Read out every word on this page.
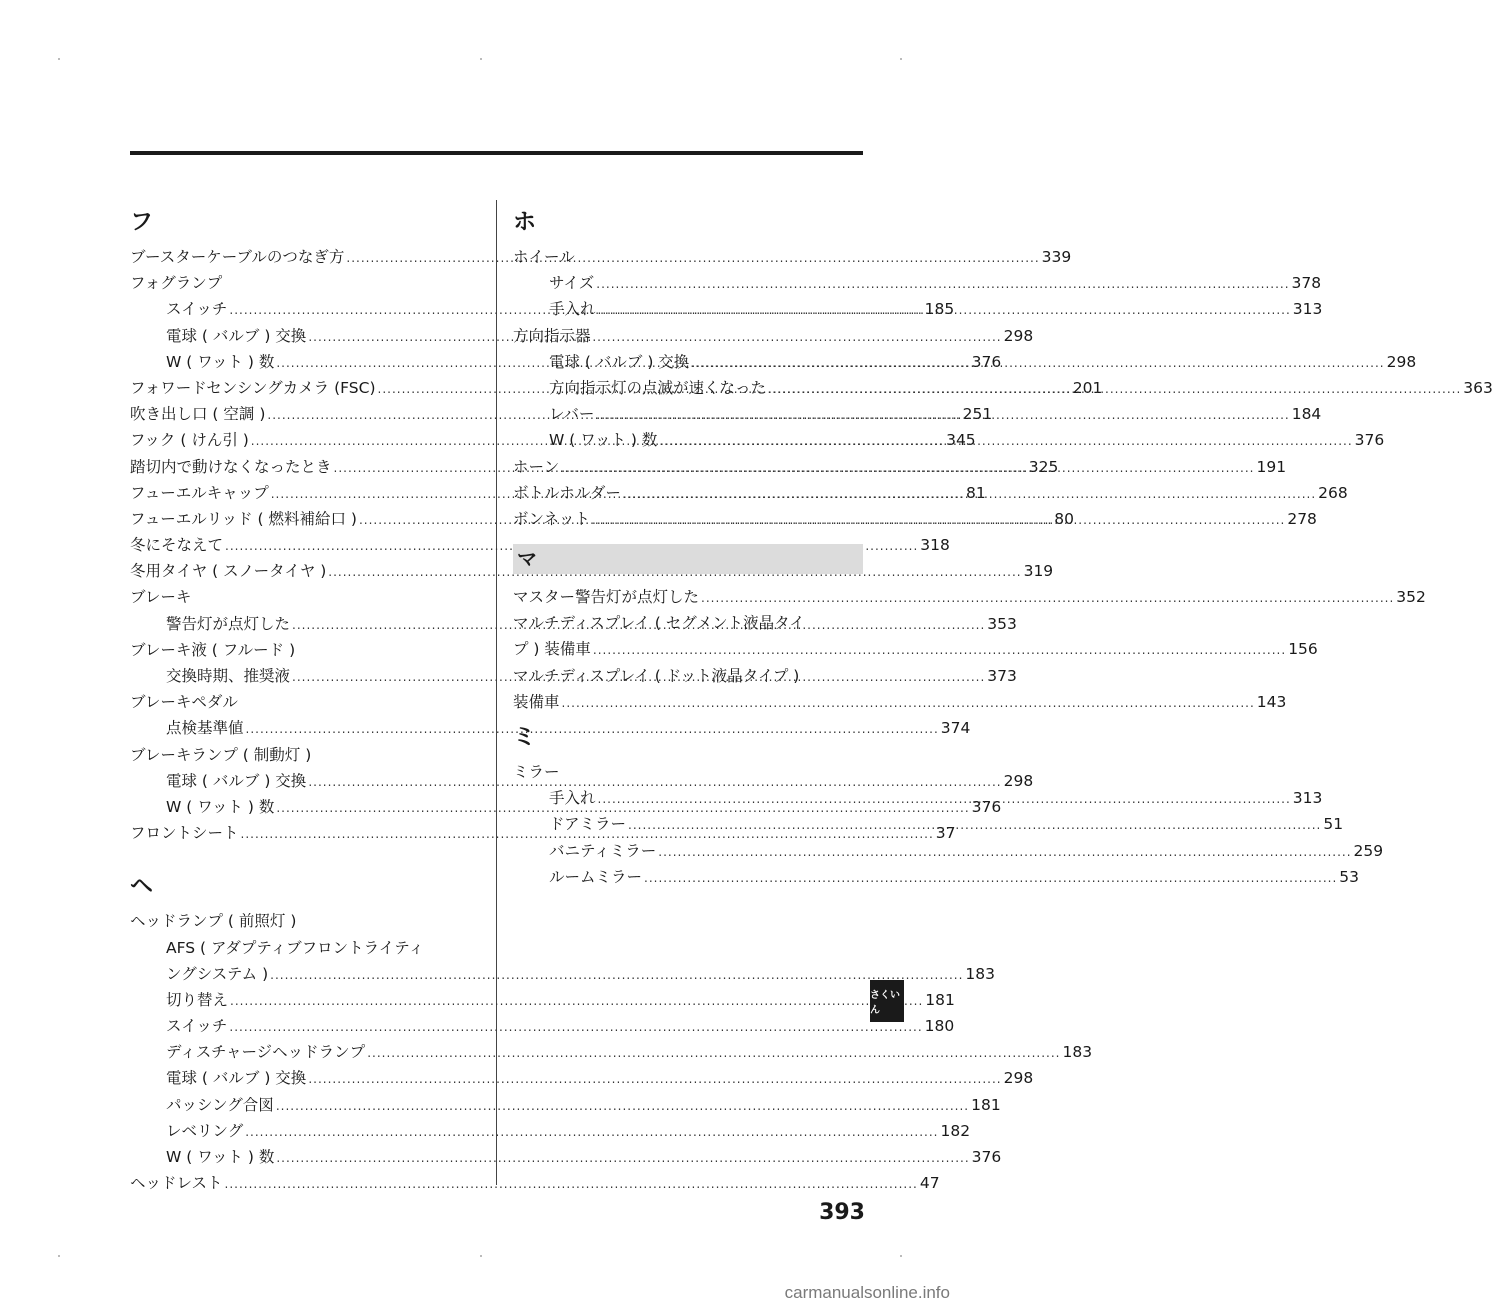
フ
ブースターケーブルのつなぎ方 .....	339
フォグランプ
スイッチ .....	185
電球 ( バルブ ) 交換 .....	298
W ( ワット ) 数 .....	376
フォワードセンシングカメラ (FSC) .....	201
吹き出し口 ( 空調 ) .....	251
フック ( けん引 ) .....	345
踏切内で動けなくなったとき .....	325
フューエルキャップ .....	81
フューエルリッド ( 燃料補給口 ) .....	80
冬にそなえて .....	318
冬用タイヤ ( スノータイヤ ) .....	319
ブレーキ
警告灯が点灯した .....	353
ブレーキ液 ( フルード )
交換時期、推奨液 .....	373
ブレーキペダル
点検基準値 .....	374
ブレーキランプ ( 制動灯 )
電球 ( バルブ ) 交換 .....	298
W ( ワット ) 数 .....	376
フロントシート .....	37
ヘ
ヘッドランプ ( 前照灯 )
AFS ( アダプティブフロントライティ
ングシステム ) .....	183
切り替え .....	181
スイッチ .....	180
ディスチャージヘッドランプ .....	183
電球 ( バルブ ) 交換 .....	298
パッシング合図 .....	181
レベリング .....	182
W ( ワット ) 数 .....	376
ヘッドレスト .....	47
ホ
ホイール
サイズ .....	378
手入れ .....	313
方向指示器
電球 ( バルブ ) 交換 .....	298
方向指示灯の点滅が速くなった .....	363
レバー .....	184
W ( ワット ) 数 .....	376
ホーン .....	191
ボトルホルダー .....	268
ボンネット .....	278
マ
マスター警告灯が点灯した .....	352
マルチディスプレイ ( セグメント液晶タイ
プ ) 装備車 .....	156
マルチディスプレイ ( ドット液晶タイプ )
装備車 .....	143
ミ
ミラー
手入れ .....	313
ドアミラー .....	51
バニティミラー .....	259
ルームミラー .....	53
さくいん
393
carmanualsonline.info
